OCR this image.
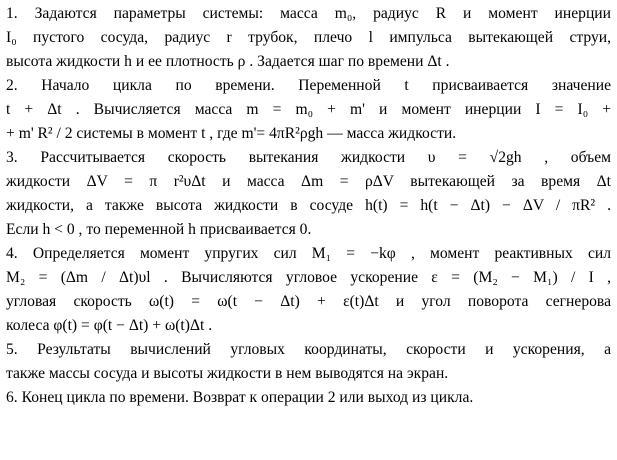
1. Задаются параметры системы: масса m₀, радиус R и момент инерции
I₀ пустого сосуда, радиус r трубок, плечо l импульса вытекающей струи,
высота жидкости h и ее плотность ρ . Задается шаг по времени Δt .
2. Начало цикла по времени. Переменной t присваивается значение
t + Δt . Вычисляется масса m = m₀ + m' и момент инерции I = I₀ +
+ m' R² / 2 системы в момент t , где m'= 4πR²ρgh — масса жидкости.
3. Рассчитывается скорость вытекания жидкости υ = √2gh , объем
жидкости ΔV = π r²υΔt и масса Δm = ρΔV вытекающей за время Δt
жидкости, а также высота жидкости в сосуде h(t) = h(t − Δt) − ΔV / πR² .
Если h < 0 , то переменной h присваивается 0.
4. Определяется момент упругих сил M₁ = −kφ , момент реактивных сил
M₂ = (Δm / Δt)υl . Вычисляются угловое ускорение ε = (M₂ − M₁) / I ,
угловая скорость ω(t) = ω(t − Δt) + ε(t)Δt и угол поворота сегнерова
колеса φ(t) = φ(t − Δt) + ω(t)Δt .
5. Результаты вычислений угловых координаты, скорости и ускорения, а
также массы сосуда и высоты жидкости в нем выводятся на экран.
6. Конец цикла по времени. Возврат к операции 2 или выход из цикла.
